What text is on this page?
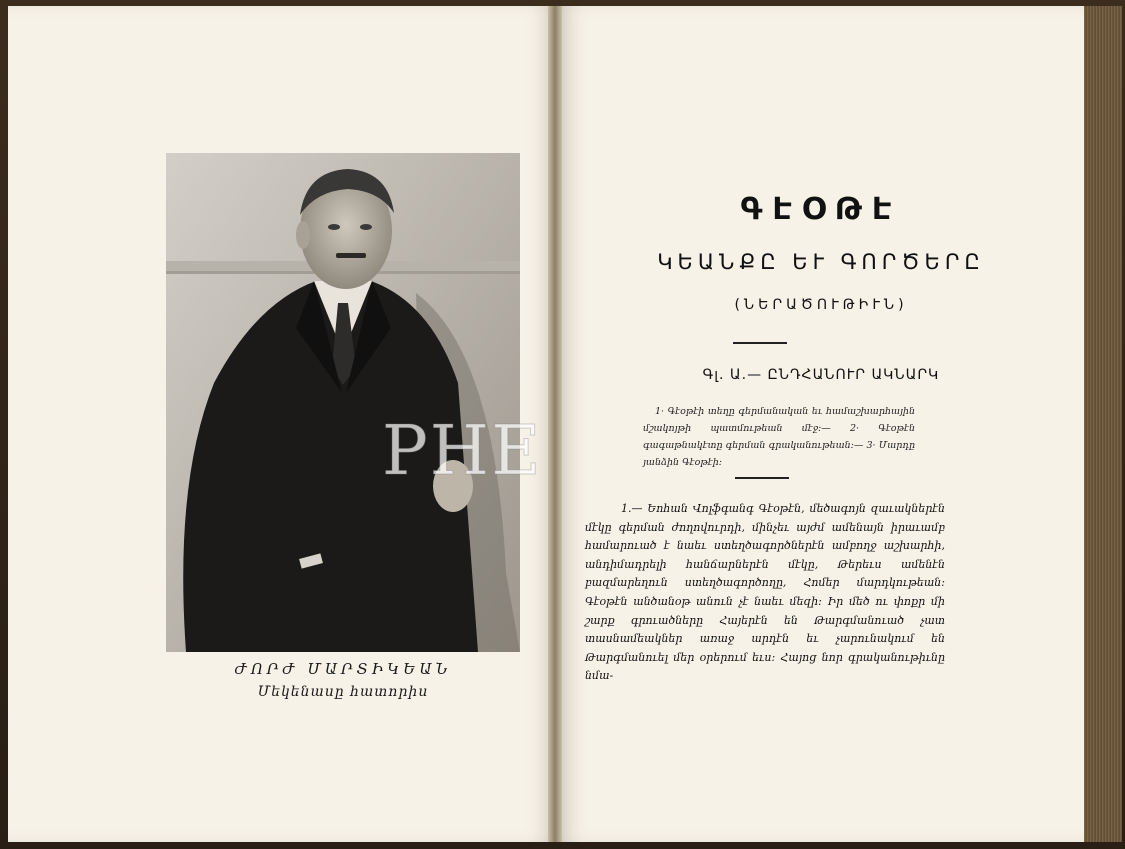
ԺՈՐԺ ՄԱՐՏԻԿԵԱՆ
Մեկենասը հատորիս
ԳԷՕԹԷ
ԿԵԱՆՔԸ ԵՒ ԳՈՐԾԵՐԸ
(ՆԵՐԱԾՈՒԹԻՒՆ)
Գլ. Ա.— ԸՆԴՀԱՆՈՒՐ ԱԿՆԱՐԿ
1· Գէօթէի տեղը գերմանական եւ համաշխարհային մշակոյթի պատմութեան մէջ։— 2· Գէօթէն գագաթնակէտը գերման գրականութեան։— 3· Մարդը յանձին Գէօթէի։
1.— Եոհան Վոլֆգանգ Գէօթէն, մեծագոյն զաւակներէն մէկը գերման ժողովուրդի, մինչեւ այժմ ամենայն իրաւամբ համարուած է նաեւ ստեղծագործներէն ամբողջ աշխարհի, անդիմադրելի հանճարներէն մէկը, Թերեւս ամենէն բազմարեղուն ստեղծագործողը, Հոմեր մարդկութեան։ Գէօթէն անծանօթ անուն չէ նաեւ մեզի։ Իր մեծ ու փոքր մի շարք գրուածները Հայերէն են Թարգմանուած չատ տասնամեակներ առաջ արդէն եւ չարունակում են Թարգմանուել մեր օրերում եւս։ Հայոց նոր գրականութիւնը նմա-
PHE
